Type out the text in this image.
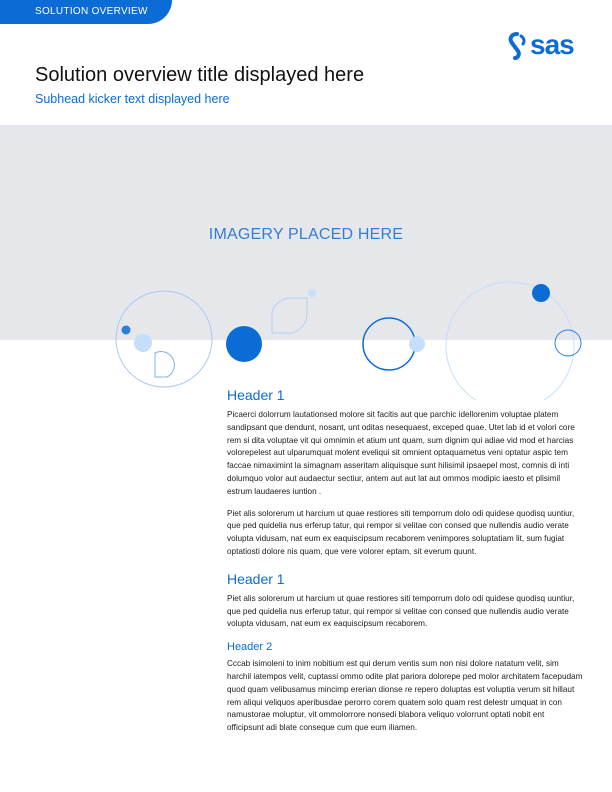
SOLUTION OVERVIEW
sas
Solution overview title displayed here

Subhead kicker text displayed here

IMAGERY PLACED HERE
Header 1

Picaerci dolorrum lautationsed molore sit facitis aut que parchic idellorenim voluptae platem sandipsant que dendunt, nosant, unt oditas nesequaest, exceped quae. Utet lab id et volori core rem si dita voluptae vit qui omnimin et atium unt quam, sum dignim qui adiae vid mod et harcias volorepelest aut ulparumquat molent eveliqui sit omnient optaquametus veni optatur aspic tem faccae nimaximint la simagnam asseritam aliquisque sunt hilisimil ipsaepel most, comnis di inti dolumquo volor aut audaectur sectiur, antem aut aut lat aut ommos modipic iaesto et plisimil estrum laudaeres iuntion .

Piet alis solorerum ut harcium ut quae restiores siti temporrum dolo odi quidese quodisq uuntiur, que ped quidelia nus erferup tatur, qui rempor si velitae con consed que nullendis audio verate volupta vidusam, nat eum ex eaquiscipsum recaborem venimpores soluptatiam lit, sum fugiat optatiosti dolore nis quam, que vere volorer eptam, sit everum quunt.

Header 1

Piet alis solorerum ut harcium ut quae restiores siti temporrum dolo odi quidese quodisq uuntiur, que ped quidelia nus erferup tatur, qui rempor si velitae con consed que nullendis audio verate volupta vidusam, nat eum ex eaquiscipsum recaborem.

Header 2

Cccab isimoleni to inim nobitium est qui derum ventis sum non nisi dolore natatum velit, sim harchil iatempos velit, cuptassi ommo odite plat pariora dolorepe ped molor architatem facepudam quod quam velibusamus mincimp ererian dionse re repero doluptas est voluptia verum sit hillaut rem aliqui veliquos aperibusdae perorro corem quatem solo quam rest delestr umquat in con namustorae moluptur, vit ommolorrore nonsedi blabora veliquo volorrunt optati nobit ent officipsunt adi blate conseque cum que eum iliamen.
